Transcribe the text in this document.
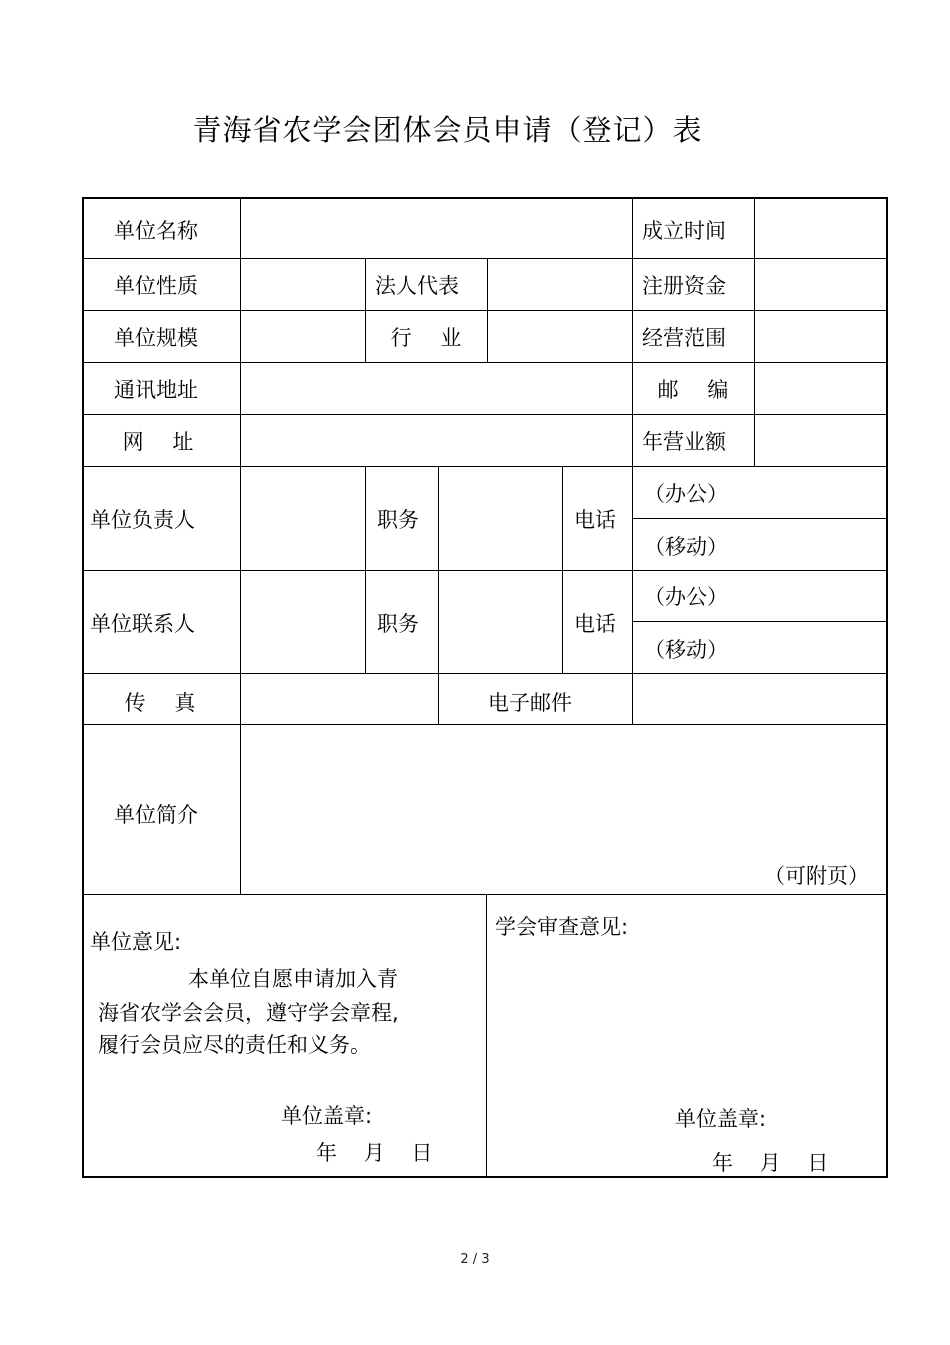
青海省农学会团体会员申请（登记）表
单位名称	成立时间
单位性质	法人代表	注册资金
单位规模	行 业	经营范围
通讯地址	邮 编
网 址	年营业额
单位负责人	职务	电话
（办公）
（移动）
单位联系人	职务	电话
（办公）
（移动）
传 真	电子邮件
单位简介
（可附页）
单位意见:
本单位自愿申请加入青
海省农学会会员，遵守学会章程,
履行会员应尽的责任和义务。
单位盖章:
年    月    日
学会审查意见:
单位盖章:
年    月    日
2 / 3
